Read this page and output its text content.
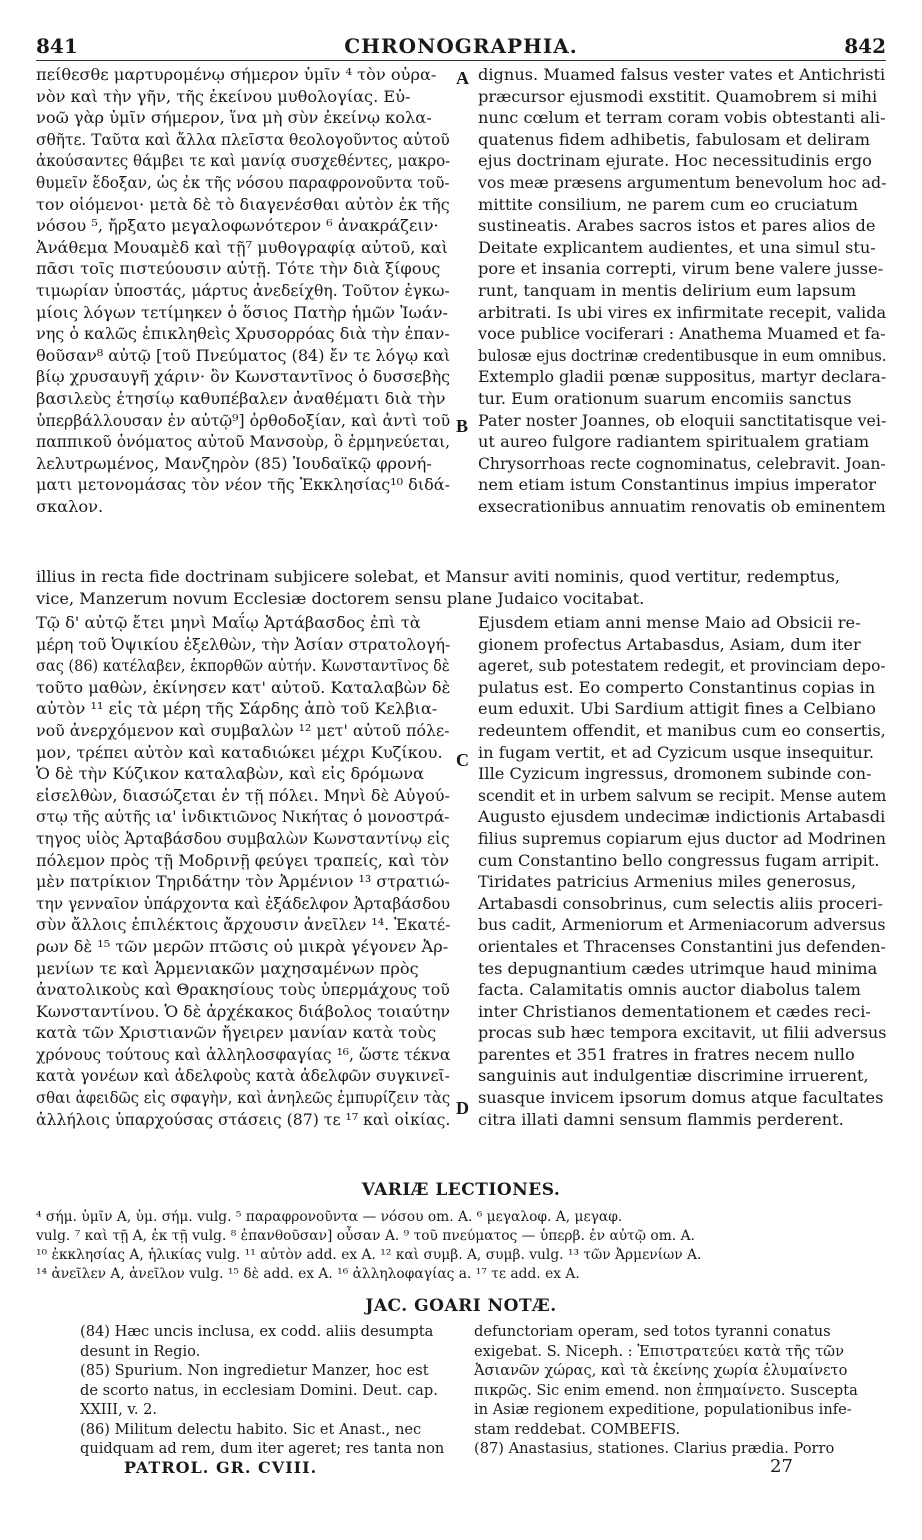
841	CHRONOGRAPHIA.	842
πείθεσθε μαρτυρομένῳ σήμερον ὑμῖν ⁴ τὸν οὐρα-
νὸν καὶ τὴν γῆν, τῆς ἐκείνου μυθολογίας. Εὐ-
νοῶ γὰρ ὑμῖν σήμερον, ἵνα μὴ σὺν ἐκείνῳ κολα-
σθῆτε. Ταῦτα καὶ ἄλλα πλεῖστα θεολογοῦντος αὐτοῦ
ἀκούσαντες θάμβει τε καὶ μανίᾳ συσχεθέντες, μακρο-
θυμεῖν ἔδοξαν, ὡς ἐκ τῆς νόσου παραφρονοῦντα τοῦ-
τον οἰόμενοι· μετὰ δὲ τὸ διαγενέσθαι αὐτὸν ἐκ τῆς
νόσου ⁵, ἤρξατο μεγαλοφωνότερον ⁶ ἀνακράζειν·
Ἀνάθεμα Μουαμὲδ καὶ τῇ⁷ μυθογραφίᾳ αὐτοῦ, καὶ
πᾶσι τοῖς πιστεύουσιν αὐτῇ. Τότε τὴν διὰ ξίφους
τιμωρίαν ὑποστάς, μάρτυς ἀνεδείχθη. Τοῦτον ἐγκω-
μίοις λόγων τετίμηκεν ὁ ὅσιος Πατὴρ ἡμῶν Ἰωάν-
νης ὁ καλῶς ἐπικληθεὶς Χρυσορρόας διὰ τὴν ἐπαν-
θοῦσαν⁸ αὐτῷ [τοῦ Πνεύματος (84) ἔν τε λόγῳ καὶ
βίῳ χρυσαυγῆ χάριν· ὃν Κωνσταντῖνος ὁ δυσσεβὴς
βασιλεὺς ἐτησίῳ καθυπέβαλεν ἀναθέματι διὰ τὴν
ὑπερβάλλουσαν ἐν αὐτῷ⁹] ὀρθοδοξίαν, καὶ ἀντὶ τοῦ
παππικοῦ ὀνόματος αὐτοῦ Μανσοὺρ, ὃ ἑρμηνεύεται,
λελυτρωμένος, Μανζηρὸν (85) Ἰουδαϊκῷ φρονή-
ματι μετονομάσας τὸν νέον τῆς Ἐκκλησίας¹⁰ διδά-
σκαλον.
dignus. Muamed falsus vester vates et Antichristi
præcursor ejusmodi exstitit. Quamobrem si mihi
nunc cœlum et terram coram vobis obtestanti ali-
quatenus fidem adhibetis, fabulosam et deliram
ejus doctrinam ejurate. Hoc necessitudinis ergo
vos meæ præsens argumentum benevolum hoc ad-
mittite consilium, ne parem cum eo cruciatum
sustineatis. Arabes sacros istos et pares alios de
Deitate explicantem audientes, et una simul stu-
pore et insania correpti, virum bene valere jusse-
runt, tanquam in mentis delirium eum lapsum
arbitrati. Is ubi vires ex infirmitate recepit, valida
voce publice vociferari : Anathema Muamed et fa-
bulosæ ejus doctrinæ credentibusque in eum omnibus.
Extemplo gladii pœnæ suppositus, martyr declara-
tur. Eum orationum suarum encomiis sanctus
Pater noster Joannes, ob eloquii sanctitatisque vei-
ut aureo fulgore radiantem spiritualem gratiam
Chrysorrhoas recte cognominatus, celebravit. Joan-
nem etiam istum Constantinus impius imperator
exsecrationibus annuatim renovatis ob eminentem
A
B
C
D
illius in recta fide doctrinam subjicere solebat, et Mansur aviti nominis, quod vertitur, redemptus,
vice, Manzerum novum Ecclesiæ doctorem sensu plane Judaico vocitabat.
Τῷ δ' αὐτῷ ἔτει μηνὶ Μαΐῳ Ἀρτάβασδος ἐπὶ τὰ
μέρη τοῦ Ὀψικίου ἐξελθὼν, τὴν Ἀσίαν στρατολογή-
σας (86) κατέλαβεν, ἐκπορθῶν αὐτήν. Κωνσταντῖνος δὲ
τοῦτο μαθὼν, ἐκίνησεν κατ' αὐτοῦ. Καταλαβὼν δὲ
αὐτὸν ¹¹ εἰς τὰ μέρη τῆς Σάρδης ἀπὸ τοῦ Κελβια-
νοῦ ἀνερχόμενον καὶ συμβαλὼν ¹² μετ' αὐτοῦ πόλε-
μον, τρέπει αὐτὸν καὶ καταδιώκει μέχρι Κυζίκου.
Ὁ δὲ τὴν Κύζικον καταλαβὼν, καὶ εἰς δρόμωνα
εἰσελθὼν, διασώζεται ἐν τῇ πόλει. Μηνὶ δὲ Αὐγού-
στῳ τῆς αὐτῆς ια' ἰνδικτιῶνος Νικήτας ὁ μονοστρά-
τηγος υἱὸς Ἀρταβάσδου συμβαλὼν Κωνσταντίνῳ εἰς
πόλεμον πρὸς τῇ Μοδρινῇ φεύγει τραπείς, καὶ τὸν
μὲν πατρίκιον Τηριδάτην τὸν Ἀρμένιον ¹³ στρατιώ-
την γενναῖον ὑπάρχοντα καὶ ἐξάδελφον Ἀρταβάσδου
σὺν ἄλλοις ἐπιλέκτοις ἄρχουσιν ἀνεῖλεν ¹⁴. Ἑκατέ-
ρων δὲ ¹⁵ τῶν μερῶν πτῶσις οὐ μικρὰ γέγονεν Ἀρ-
μενίων τε καὶ Ἀρμενιακῶν μαχησαμένων πρὸς
ἀνατολικοὺς καὶ Θρακησίους τοὺς ὑπερμάχους τοῦ
Κωνσταντίνου. Ὁ δὲ ἀρχέκακος διάβολος τοιαύτην
κατὰ τῶν Χριστιανῶν ἤγειρεν μανίαν κατὰ τοὺς
χρόνους τούτους καὶ ἀλληλοσφαγίας ¹⁶, ὥστε τέκνα
κατὰ γονέων καὶ ἀδελφοὺς κατὰ ἀδελφῶν συγκινεῖ-
σθαι ἀφειδῶς εἰς σφαγὴν, καὶ ἀνηλεῶς ἐμπυρίζειν τὰς
ἀλλήλοις ὑπαρχούσας στάσεις (87) τε ¹⁷ καὶ οἰκίας.
Ejusdem etiam anni mense Maio ad Obsicii re-
gionem profectus Artabasdus, Asiam, dum iter
ageret, sub potestatem redegit, et provinciam depo-
pulatus est. Eo comperto Constantinus copias in
eum eduxit. Ubi Sardium attigit fines a Celbiano
redeuntem offendit, et manibus cum eo consertis,
in fugam vertit, et ad Cyzicum usque insequitur.
Ille Cyzicum ingressus, dromonem subinde con-
scendit et in urbem salvum se recipit. Mense autem
Augusto ejusdem undecimæ indictionis Artabasdi
filius supremus copiarum ejus ductor ad Modrinen
cum Constantino bello congressus fugam arripit.
Tiridates patricius Armenius miles generosus,
Artabasdi consobrinus, cum selectis aliis proceri-
bus cadit, Armeniorum et Armeniacorum adversus
orientales et Thracenses Constantini jus defenden-
tes depugnantium cædes utrimque haud minima
facta. Calamitatis omnis auctor diabolus talem
inter Christianos dementationem et cædes reci-
procas sub hæc tempora excitavit, ut filii adversus
parentes et 351 fratres in fratres necem nullo
sanguinis aut indulgentiæ discrimine irruerent,
suasque invicem ipsorum domus atque facultates
citra illati damni sensum flammis perderent.
VARIÆ LECTIONES.
⁴ σήμ. ὑμῖν A, ὑμ. σήμ. vulg. ⁵ παραφρονοῦντα — νόσου om. A. ⁶ μεγαλοφ. A, μεγαφ.
vulg. ⁷ καὶ τῇ A, ἐκ τῇ vulg. ⁸ ἐπανθοῦσαν] οὖσαν A. ⁹ τοῦ πνεύματος — ὑπερβ. ἐν αὐτῷ om. A.
¹⁰ ἐκκλησίας A, ἡλικίας vulg. ¹¹ αὐτὸν add. ex A. ¹² καὶ συμβ. A, συμβ. vulg. ¹³ τῶν Ἀρμενίων A.
¹⁴ ἀνεῖλεν A, ἀνεῖλον vulg. ¹⁵ δὲ add. ex A. ¹⁶ ἀλληλοφαγίας a. ¹⁷ τε add. ex A.
JAC. GOARI NOTÆ.
(84) Hæc uncis inclusa, ex codd. aliis desumpta
desunt in Regio.
(85) Spurium. Non ingredietur Manzer, hoc est
de scorto natus, in ecclesiam Domini. Deut. cap.
XXIII, v. 2.
(86) Militum delectu habito. Sic et Anast., nec
quidquam ad rem, dum iter ageret; res tanta non
defunctoriam operam, sed totos tyranni conatus
exigebat. S. Niceph. : Ἐπιστρατεύει κατὰ τῆς τῶν
Ἀσιανῶν χώρας, καὶ τὰ ἐκείνης χωρία ἐλυμαίνετο
πικρῶς. Sic enim emend. non ἐπημαίνετο. Suscepta
in Asiæ regionem expeditione, populationibus infe-
stam reddebat. COMBEFIS.
(87) Anastasius, stationes. Clarius prædia. Porro
PATROL. GR. CVIII.	27
